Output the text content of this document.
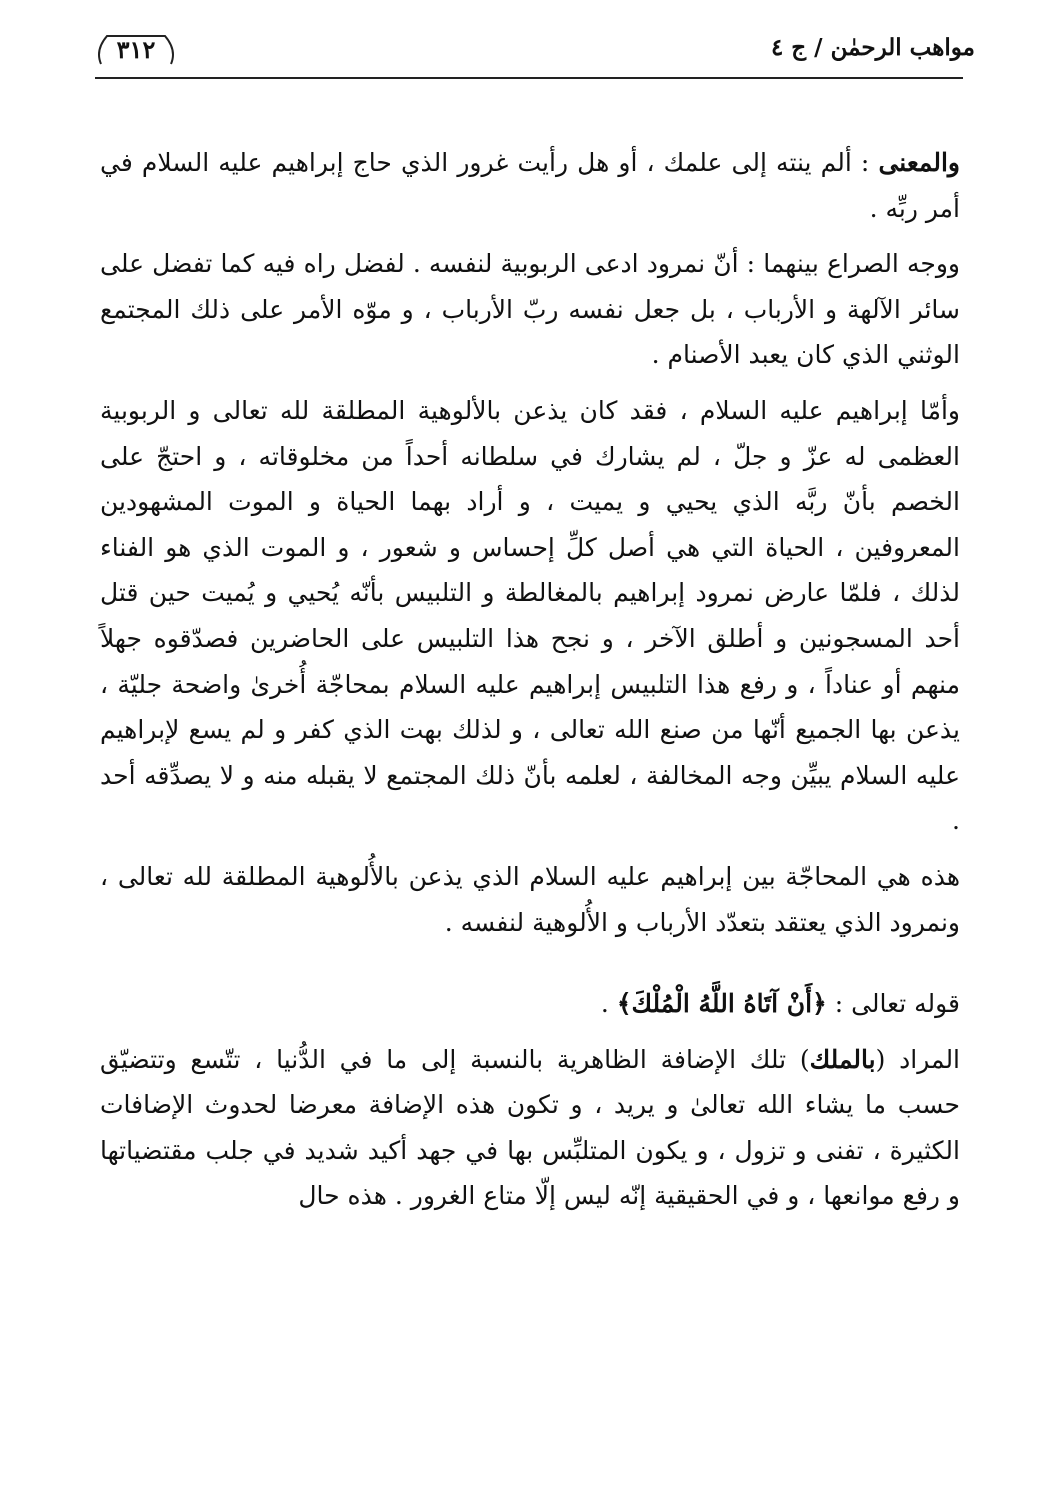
مواهب الرحمٰن / ج ٤
٣١٢

والمعنى : ألم ينته إلى علمك ، أو هل رأيت غرور الذي حاج إبراهيم عليه السلام في أمر ربِّه .

ووجه الصراع بينهما : أنّ نمرود ادعى الربوبية لنفسه . لفضل راه فيه كما تفضل على سائر الآلهة و الأرباب ، بل جعل نفسه ربّ الأرباب ، و موّه الأمر على ذلك المجتمع الوثني الذي كان يعبد الأصنام .

وأمّا إبراهيم عليه السلام ، فقد كان يذعن بالألوهية المطلقة لله تعالى و الربوبية العظمى له عزّ و جلّ ، لم يشارك في سلطانه أحداً من مخلوقاته ، و احتجّ على الخصم بأنّ ربَّه الذي يحيي و يميت ، و أراد بهما الحياة و الموت المشهودين المعروفين ، الحياة التي هي أصل كلِّ إحساس و شعور ، و الموت الذي هو الفناء لذلك ، فلمّا عارض نمرود إبراهيم بالمغالطة و التلبيس بأنّه يُحيي و يُميت حين قتل أحد المسجونين و أطلق الآخر ، و نجح هذا التلبيس على الحاضرين فصدّقوه جهلاً منهم أو عناداً ، و رفع هذا التلبيس إبراهيم عليه السلام بمحاجّة أُخرىٰ واضحة جليّة ، يذعن بها الجميع أنّها من صنع الله تعالى ، و لذلك بهت الذي كفر و لم يسع لإبراهيم عليه السلام يبيِّن وجه المخالفة ، لعلمه بأنّ ذلك المجتمع لا يقبله منه و لا يصدِّقه أحد .

هذه هي المحاجّة بين إبراهيم عليه السلام الذي يذعن بالأُلوهية المطلقة لله تعالى ، ونمرود الذي يعتقد بتعدّد الأرباب و الأُلوهية لنفسه .

قوله تعالى : ﴿أَنْ آتَاهُ اللَّهُ الْمُلْكَ﴾ .

المراد (بالملك) تلك الإضافة الظاهرية بالنسبة إلى ما في الدُّنيا ، تتّسع وتتضيّق حسب ما يشاء الله تعالىٰ و يريد ، و تكون هذه الإضافة معرضا لحدوث الإضافات الكثيرة ، تفنى و تزول ، و يكون المتلبِّس بها في جهد أكيد شديد في جلب مقتضياتها و رفع موانعها ، و في الحقيقية إنّه ليس إلّا متاع الغرور . هذه حال
